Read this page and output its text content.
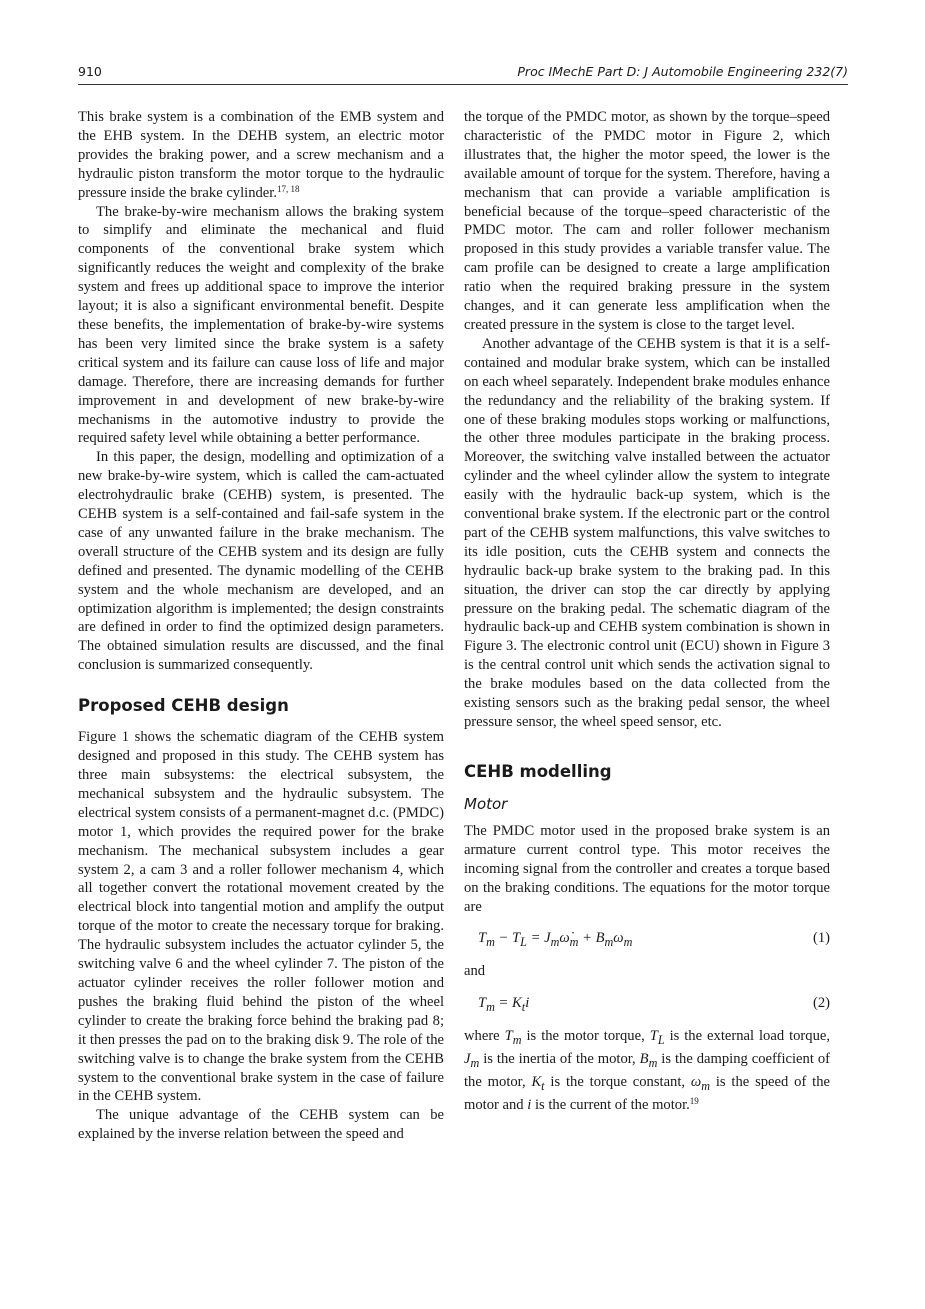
910	Proc IMechE Part D: J Automobile Engineering 232(7)

This brake system is a combination of the EMB system and the EHB system. In the DEHB system, an electric motor provides the braking power, and a screw mechanism and a hydraulic piston transform the motor torque to the hydraulic pressure inside the brake cylinder.$^{17, 18}$

The brake-by-wire mechanism allows the braking system to simplify and eliminate the mechanical and fluid components of the conventional brake system which significantly reduces the weight and complexity of the brake system and frees up additional space to improve the interior layout; it is also a significant environmental benefit. Despite these benefits, the implementation of brake-by-wire systems has been very limited since the brake system is a safety critical system and its failure can cause loss of life and major damage. Therefore, there are increasing demands for further improvement in and development of new brake-by-wire mechanisms in the automotive industry to provide the required safety level while obtaining a better performance.

In this paper, the design, modelling and optimization of a new brake-by-wire system, which is called the cam-actuated electrohydraulic brake (CEHB) system, is presented. The CEHB system is a self-contained and fail-safe system in the case of any unwanted failure in the brake mechanism. The overall structure of the CEHB system and its design are fully defined and presented. The dynamic modelling of the CEHB system and the whole mechanism are developed, and an optimization algorithm is implemented; the design constraints are defined in order to find the optimized design parameters. The obtained simulation results are discussed, and the final conclusion is summarized consequently.

Proposed CEHB design

Figure 1 shows the schematic diagram of the CEHB system designed and proposed in this study. The CEHB system has three main subsystems: the electrical subsystem, the mechanical subsystem and the hydraulic subsystem. The electrical system consists of a permanent-magnet d.c. (PMDC) motor 1, which provides the required power for the brake mechanism. The mechanical subsystem includes a gear system 2, a cam 3 and a roller follower mechanism 4, which all together convert the rotational movement created by the electrical block into tangential motion and amplify the output torque of the motor to create the necessary torque for braking. The hydraulic subsystem includes the actuator cylinder 5, the switching valve 6 and the wheel cylinder 7. The piston of the actuator cylinder receives the roller follower motion and pushes the braking fluid behind the piston of the wheel cylinder to create the braking force behind the braking pad 8; it then presses the pad on to the braking disk 9. The role of the switching valve is to change the brake system from the CEHB system to the conventional brake system in the case of failure in the CEHB system.

The unique advantage of the CEHB system can be explained by the inverse relation between the speed and

the torque of the PMDC motor, as shown by the torque–speed characteristic of the PMDC motor in Figure 2, which illustrates that, the higher the motor speed, the lower is the available amount of torque for the system. Therefore, having a mechanism that can provide a variable amplification is beneficial because of the torque–speed characteristic of the PMDC motor. The cam and roller follower mechanism proposed in this study provides a variable transfer value. The cam profile can be designed to create a large amplification ratio when the required braking pressure in the system changes, and it can generate less amplification when the created pressure in the system is close to the target level.

Another advantage of the CEHB system is that it is a self-contained and modular brake system, which can be installed on each wheel separately. Independent brake modules enhance the redundancy and the reliability of the braking system. If one of these braking modules stops working or malfunctions, the other three modules participate in the braking process. Moreover, the switching valve installed between the actuator cylinder and the wheel cylinder allow the system to integrate easily with the hydraulic back-up system, which is the conventional brake system. If the electronic part or the control part of the CEHB system malfunctions, this valve switches to its idle position, cuts the CEHB system and connects the hydraulic back-up brake system to the braking pad. In this situation, the driver can stop the car directly by applying pressure on the braking pedal. The schematic diagram of the hydraulic back-up and CEHB system combination is shown in Figure 3. The electronic control unit (ECU) shown in Figure 3 is the central control unit which sends the activation signal to the brake modules based on the data collected from the existing sensors such as the braking pedal sensor, the wheel pressure sensor, the wheel speed sensor, etc.

CEHB modelling
Motor

The PMDC motor used in the proposed brake system is an armature current control type. This motor receives the incoming signal from the controller and creates a torque based on the braking conditions. The equations for the motor torque are

$T_m - T_L$ = $J_m\omegȧ_m + B_m\omega_m$	(1)

and

$T_m = K_ti$	(2)

where $T_m$ is the motor torque, $T_L$ is the external load torque, $J_m$ is the inertia of the motor, $B_m$ is the damping coefficient of the motor, $K_t$ is the torque constant, $\omega_m$ is the speed of the motor and i is the current of the motor.$^{19}$
